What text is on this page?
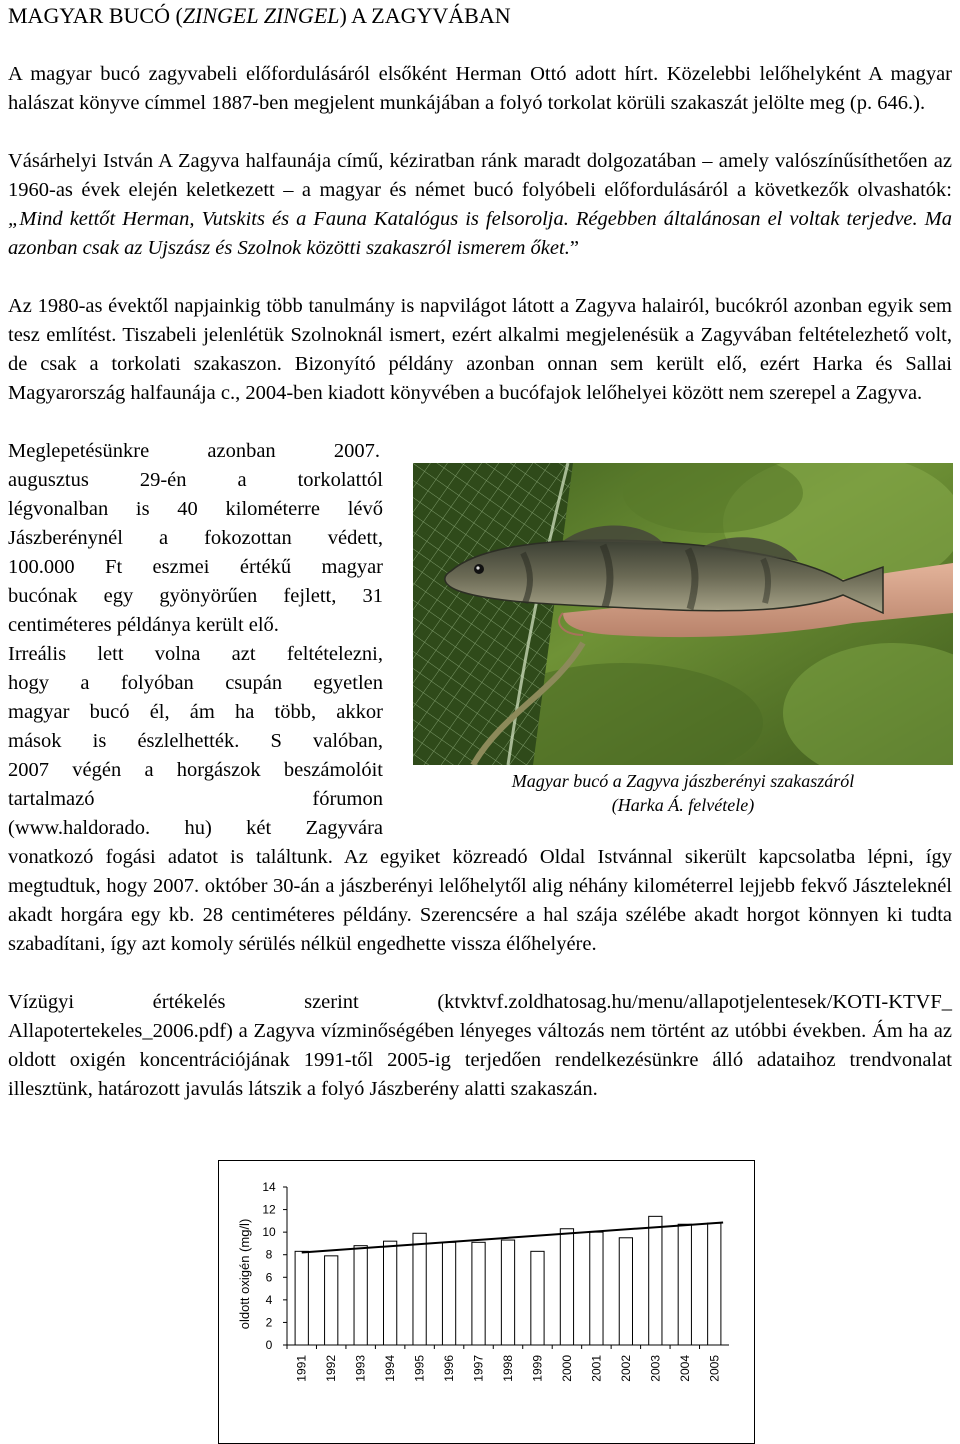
MAGYAR BUCÓ (ZINGEL ZINGEL) A ZAGYVÁBAN

A magyar bucó zagyvabeli előfordulásáról elsőként Herman Ottó adott hírt. Közelebbi lelőhelyként A magyar halászat könyve címmel 1887-ben megjelent munkájában a folyó torkolat körüli szakaszát jelölte meg (p. 646.).

Vásárhelyi István A Zagyva halfaunája című, kéziratban ránk maradt dolgozatában – amely valószínűsíthetően az 1960-as évek elején keletkezett – a magyar és német bucó folyóbeli előfordulásáról a következők olvashatók: „Mind kettőt Herman, Vutskits és a Fauna Katalógus is felsorolja. Régebben általánosan el voltak terjedve. Ma azonban csak az Ujszász és Szolnok közötti szakaszról ismerem őket.”

Az 1980-as évektől napjainkig több tanulmány is napvilágot látott a Zagyva halairól, bucókról azonban egyik sem tesz említést. Tiszabeli jelenlétük Szolnoknál ismert, ezért alkalmi megjelenésük a Zagyvában feltételezhető volt, de csak a torkolati szakaszon. Bizonyító példány azonban onnan sem került elő, ezért Harka és Sallai Magyarország halfaunája c., 2004-ben kiadott könyvében a bucófajok lelőhelyei között nem szerepel a Zagyva.

Meglepetésünkre azonban 2007.

augusztus 29-én a torkolattól

légvonalban is 40 kilométerre lévő

Jászberénynél a fokozottan védett,

100.000 Ft eszmei értékű magyar

bucónak egy gyönyörűen fejlett, 31

centiméteres példánya került elő.

Irreális lett volna azt feltételezni,

hogy a folyóban csupán egyetlen

magyar bucó él, ám ha több, akkor

mások is észlelhették. S valóban,

2007 végén a horgászok beszámolóit

tartalmazó fórumon

(www.haldorado. hu) két Zagyvára

Magyar bucó a Zagyva jászberényi szakaszáról
(Harka Á. felvétele)

vonatkozó fogási adatot is találtunk. Az egyiket közreadó Oldal Istvánnal sikerült kapcsolatba lépni, így megtudtuk, hogy 2007. október 30-án a jászberényi lelőhelytől alig néhány kilométerrel lejjebb fekvő Jászteleknél akadt horgára egy kb. 28 centiméteres példány. Szerencsére a hal szája szélébe akadt horgot könnyen ki tudta szabadítani, így azt komoly sérülés nélkül engedhette vissza élőhelyére.

Vízügyi értékelés szerint (ktvktvf.zoldhatosag.hu/menu/allapotjelentesek/KOTI-KTVF_ Allapotertekeles_2006.pdf) a Zagyva vízminőségében lényeges változás nem történt az utóbbi években. Ám ha az oldott oxigén koncentrációjának 1991-től 2005-ig terjedően rendelkezésünkre álló adataihoz trendvonalat illesztünk, határozott javulás látszik a folyó Jászberény alatti szakaszán.

oldott oxigén (mg/l)
0
2
4
6
8
10
12
14
1991 1992 1993 1994 1995 1996 1997 1998 1999 2000 2001 2002 2003 2004 2005
